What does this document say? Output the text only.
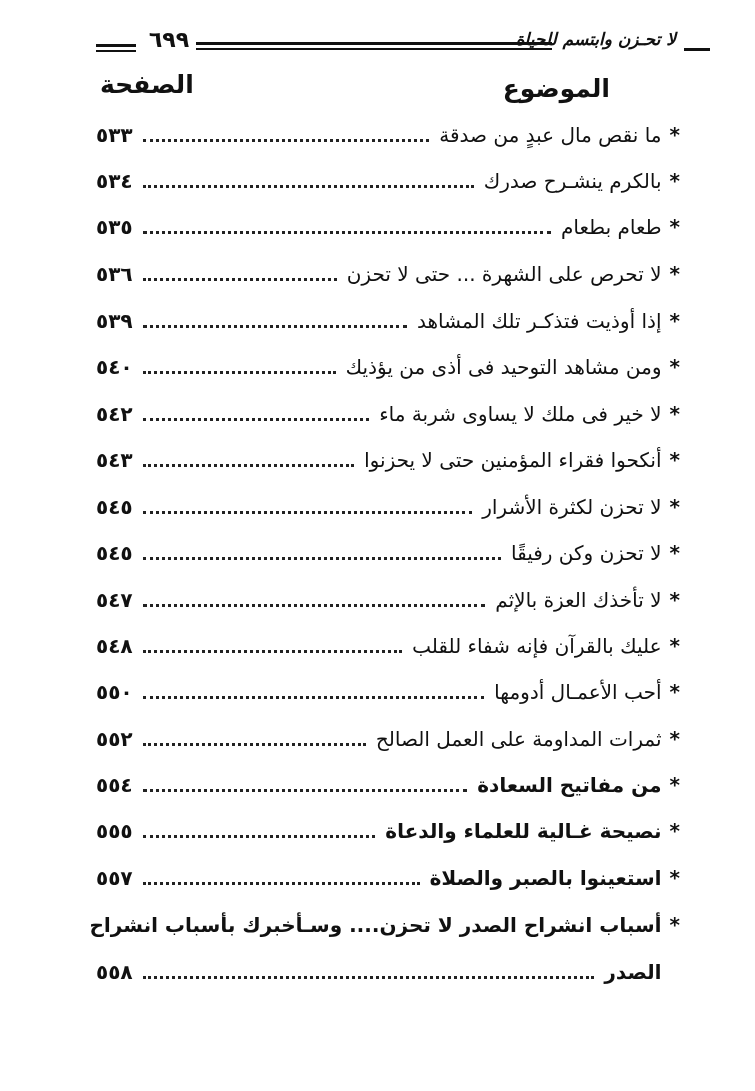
٦٩٩	لا تحـزن وابتسم للحياة
الموضوع
الصفحة
*
ما نقص مال عبدٍ من صدقة
٥٣٣
*
بالكرم ينشـرح صدرك
٥٣٤
*
طعام بطعام
٥٣٥
*
لا تحرص على الشهرة ... حتى لا تحزن
٥٣٦
*
إذا أوذيت فتذكـر تلك المشاهد
٥٣٩
*
ومن مشاهد التوحيد فى أذى من يؤذيك
٥٤٠
*
لا خير فى ملك لا يساوى شربة ماء
٥٤٢
*
أنكحوا فقراء المؤمنين حتى لا يحزنوا
٥٤٣
*
لا تحزن لكثرة الأشرار
٥٤٥
*
لا تحزن وكن رفيقًا
٥٤٥
*
لا تأخذك العزة بالإثم
٥٤٧
*
عليك بالقرآن فإنه شفاء للقلب
٥٤٨
*
أحب الأعمـال أدومها
٥٥٠
*
ثمرات المداومة على العمل الصالح
٥٥٢
*
من مفاتيح السعادة
٥٥٤
*
نصيحة غـالية للعلماء والدعاة
٥٥٥
*
استعينوا بالصبر والصلاة
٥٥٧
*
أسباب انشراح الصدر لا تحزن.... وسـأخبرك بأسباب انشراح
الصدر
٥٥٨
